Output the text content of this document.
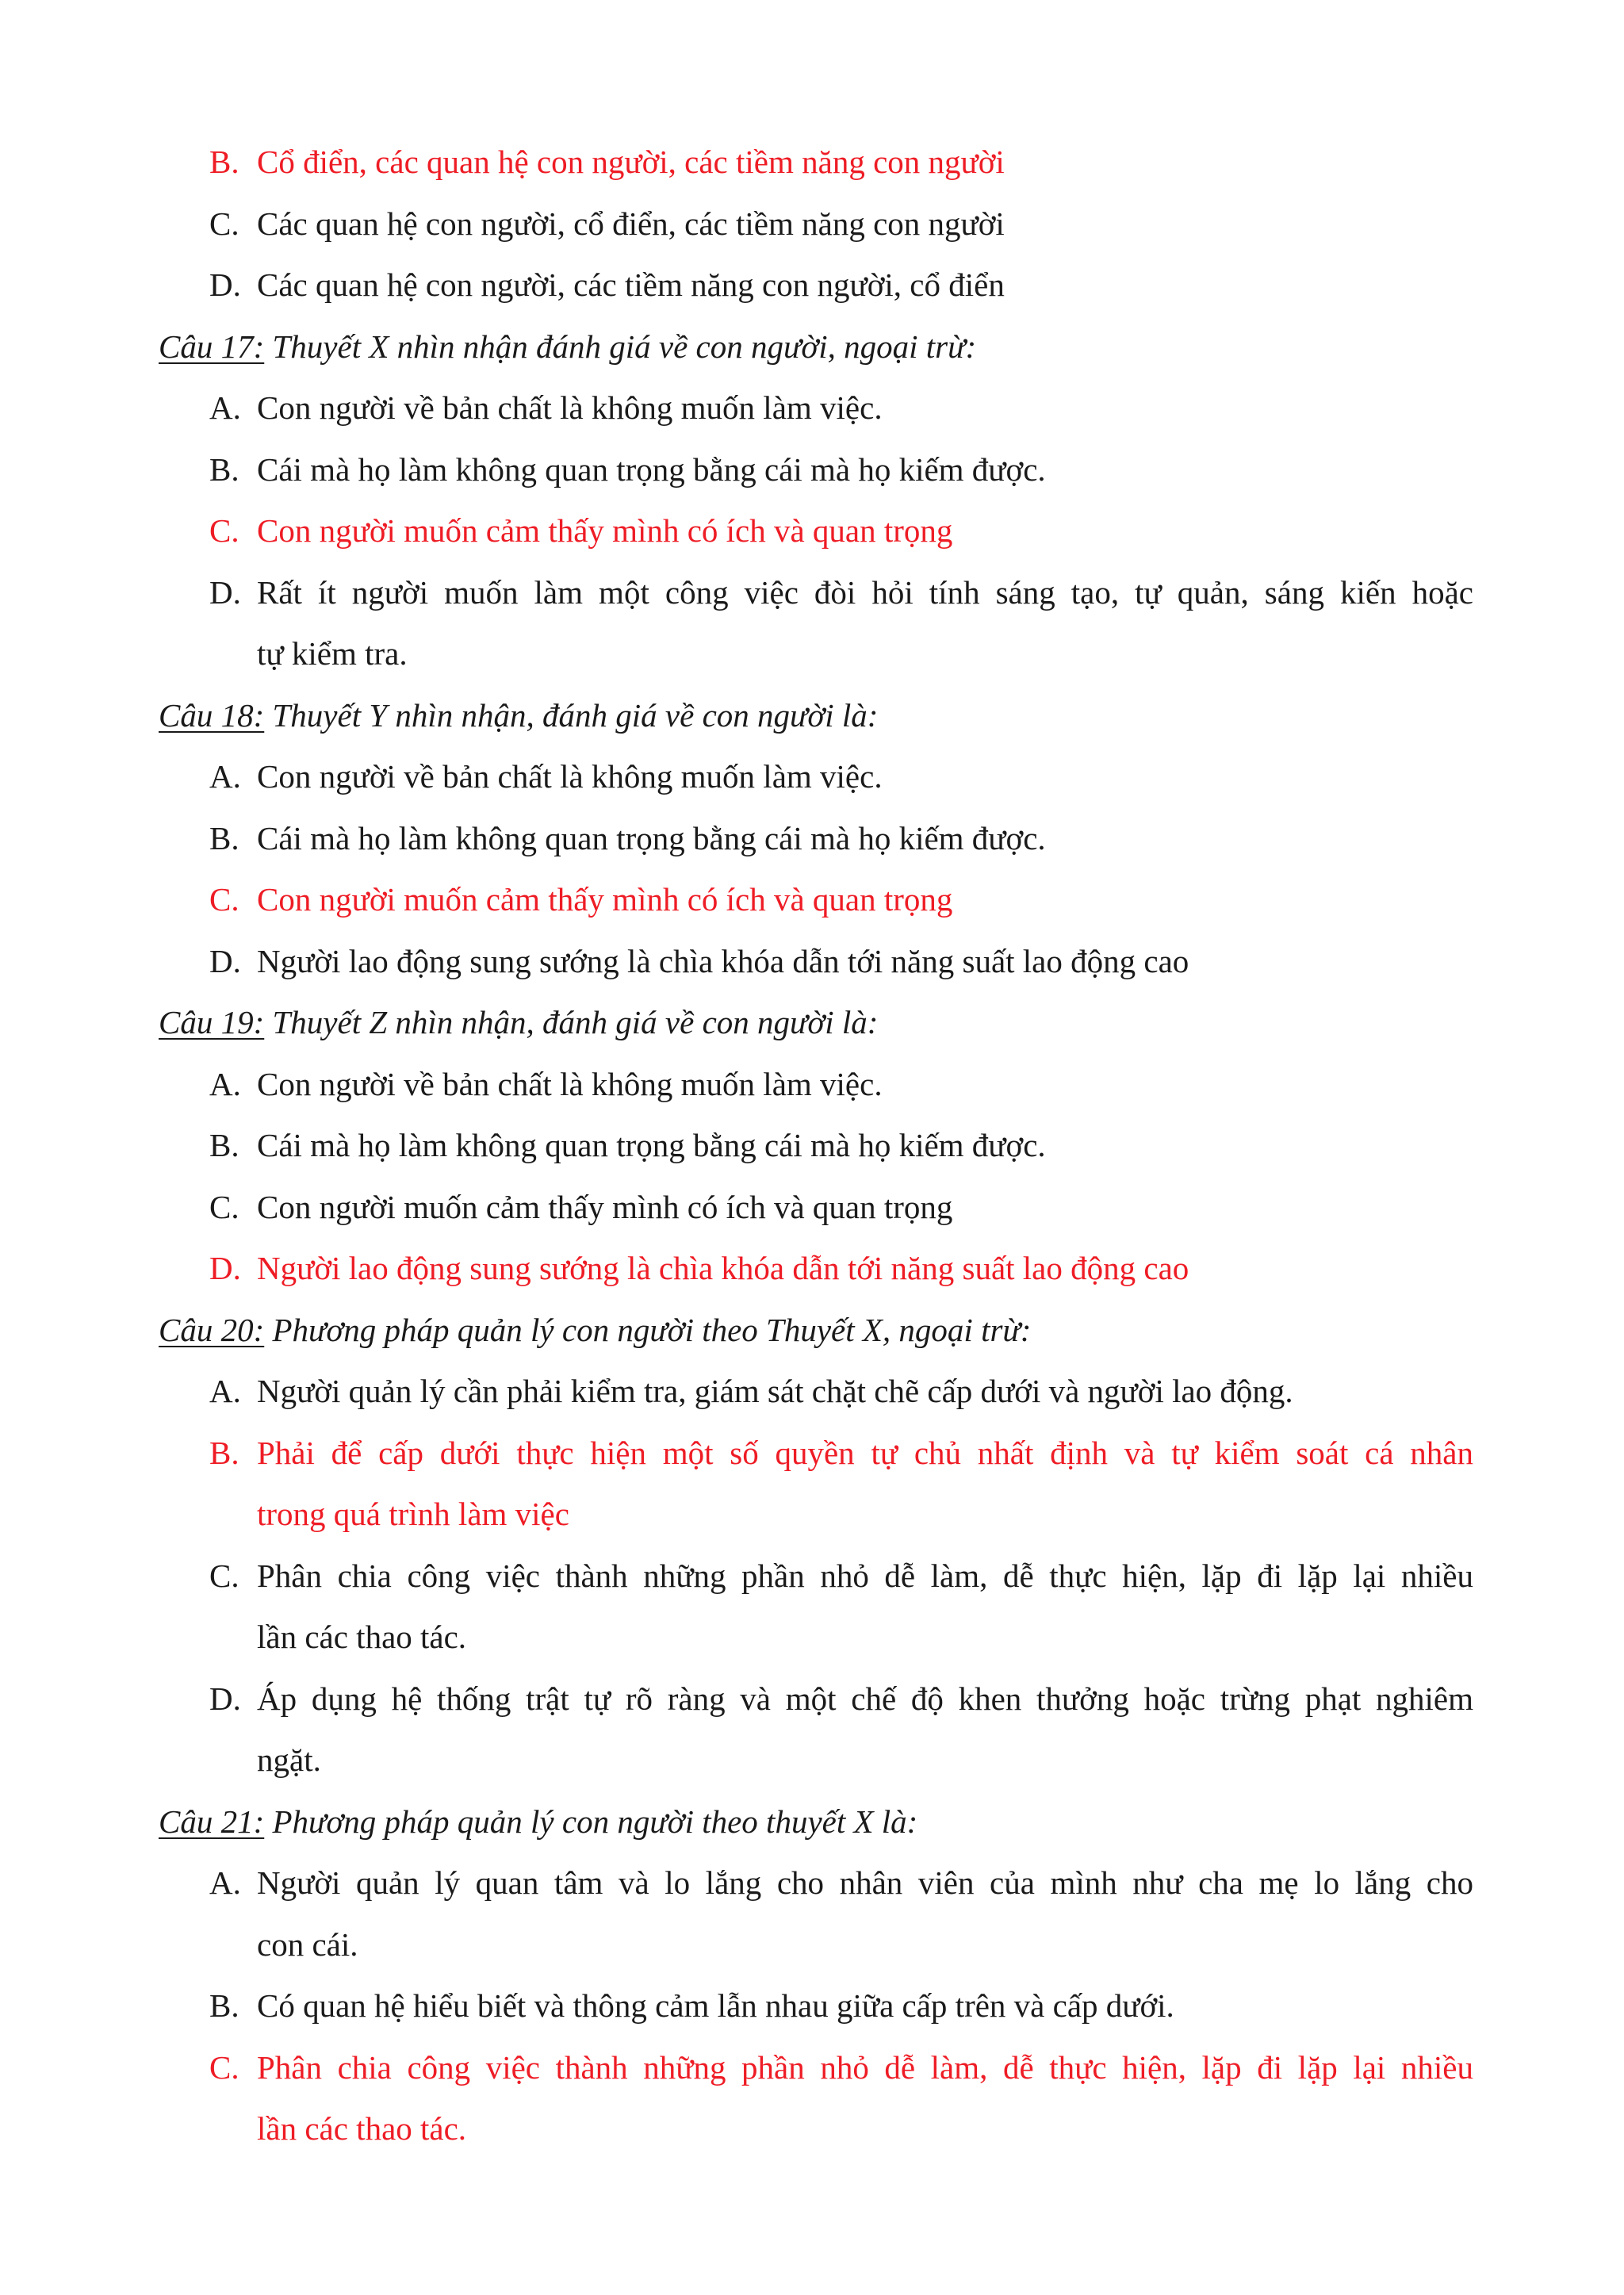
B. Cổ điển, các quan hệ con người, các tiềm năng con người
C. Các quan hệ con người, cổ điển, các tiềm năng con người
D. Các quan hệ con người, các tiềm năng con người, cổ điển
Câu 17: Thuyết X nhìn nhận đánh giá về con người, ngoại trừ:
A. Con người về bản chất là không muốn làm việc.
B. Cái mà họ làm không quan trọng bằng cái mà họ kiếm được.
C. Con người muốn cảm thấy mình có ích và quan trọng
D. Rất ít người muốn làm một công việc đòi hỏi tính sáng tạo, tự quản, sáng kiến hoặc
tự kiểm tra.
Câu 18: Thuyết Y nhìn nhận, đánh giá về con người là:
A. Con người về bản chất là không muốn làm việc.
B. Cái mà họ làm không quan trọng bằng cái mà họ kiếm được.
C. Con người muốn cảm thấy mình có ích và quan trọng
D. Người lao động sung sướng là chìa khóa dẫn tới năng suất lao động cao
Câu 19: Thuyết Z nhìn nhận, đánh giá về con người là:
A. Con người về bản chất là không muốn làm việc.
B. Cái mà họ làm không quan trọng bằng cái mà họ kiếm được.
C. Con người muốn cảm thấy mình có ích và quan trọng
D. Người lao động sung sướng là chìa khóa dẫn tới năng suất lao động cao
Câu 20: Phương pháp quản lý con người theo Thuyết X, ngoại trừ:
A. Người quản lý cần phải kiểm tra, giám sát chặt chẽ cấp dưới và người lao động.
B. Phải để cấp dưới thực hiện một số quyền tự chủ nhất định và tự kiểm soát cá nhân
trong quá trình làm việc
C. Phân chia công việc thành những phần nhỏ dễ làm, dễ thực hiện, lặp đi lặp lại nhiều
lần các thao tác.
D. Áp dụng hệ thống trật tự rõ ràng và một chế độ khen thưởng hoặc trừng phạt nghiêm
ngặt.
Câu 21: Phương pháp quản lý con người theo thuyết X là:
A. Người quản lý quan tâm và lo lắng cho nhân viên của mình như cha mẹ lo lắng cho
con cái.
B. Có quan hệ hiểu biết và thông cảm lẫn nhau giữa cấp trên và cấp dưới.
C. Phân chia công việc thành những phần nhỏ dễ làm, dễ thực hiện, lặp đi lặp lại nhiều
lần các thao tác.
